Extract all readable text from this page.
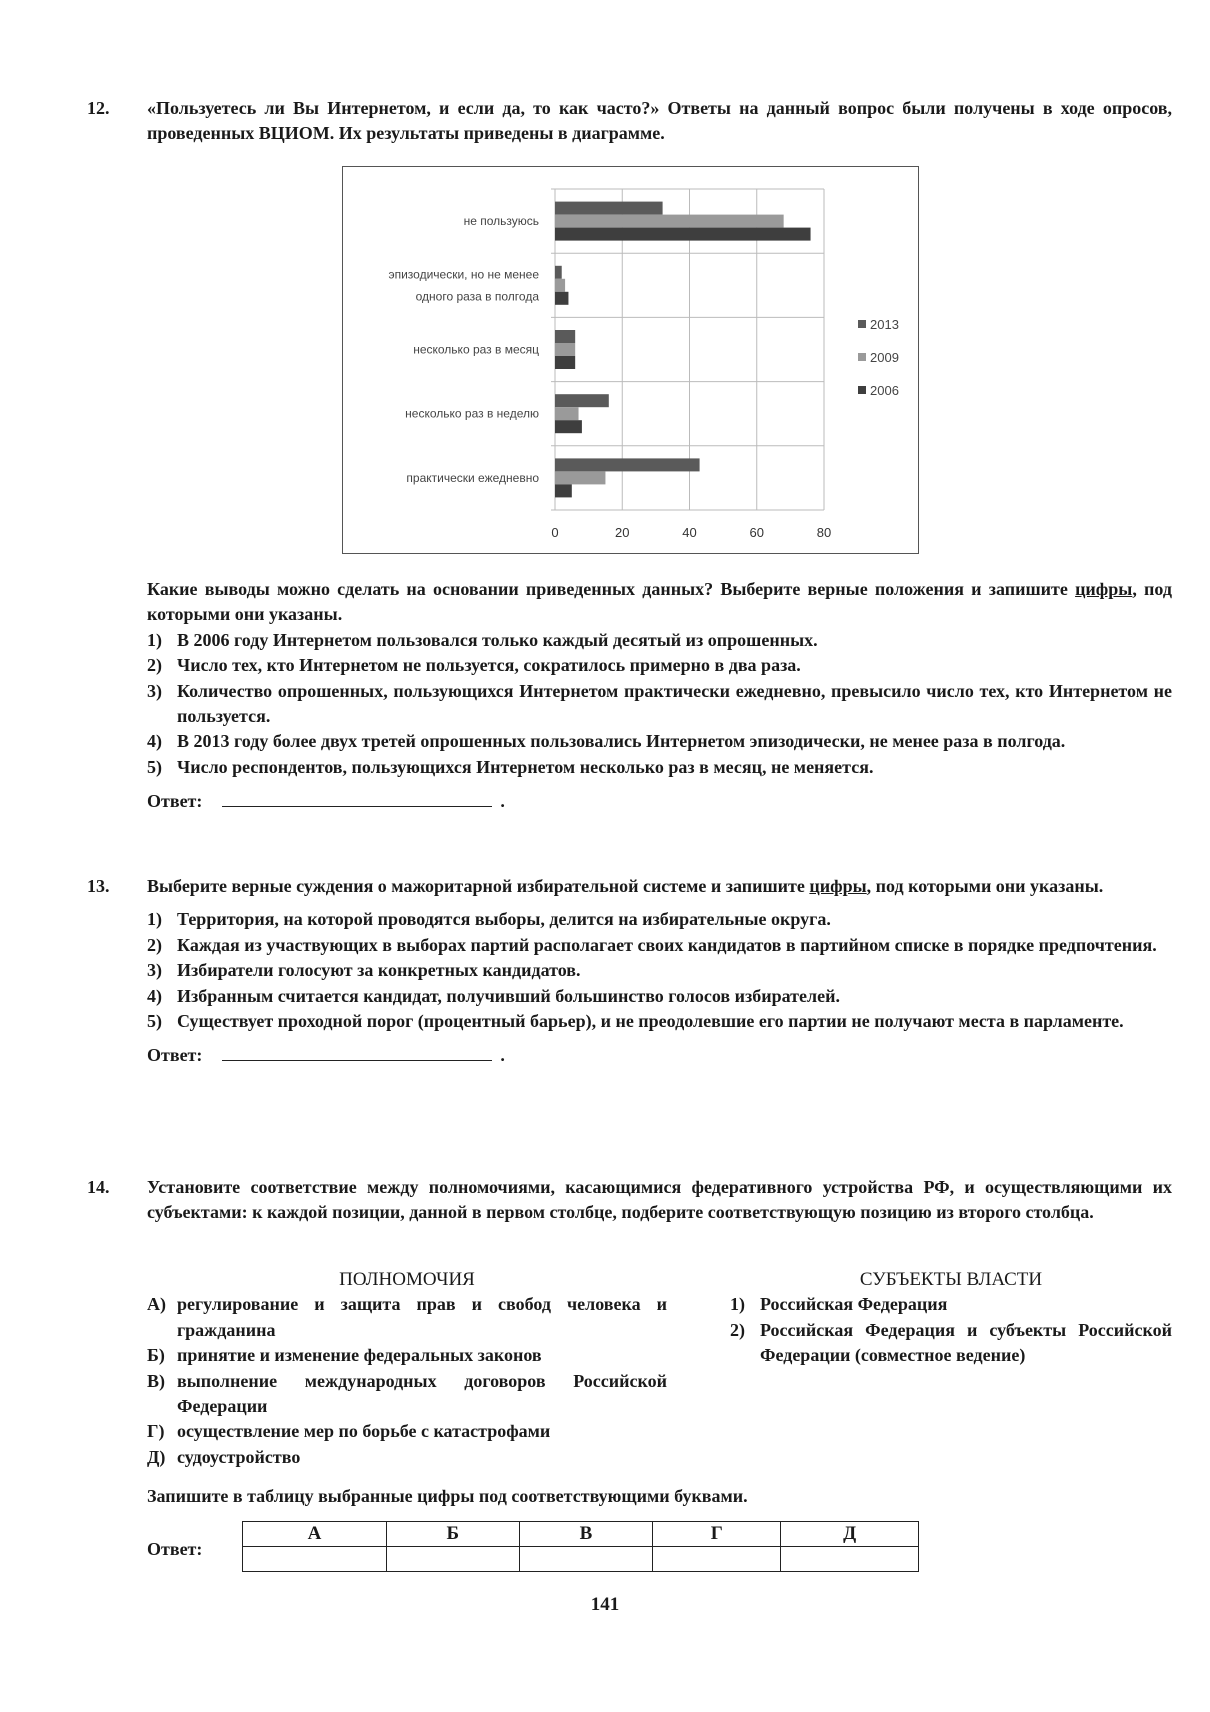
12. «Пользуетесь ли Вы Интернетом, и если да, то как часто?» Ответы на данный вопрос были получены в ходе опросов, проведенных ВЦИОМ. Их результаты приведены в диаграмме.

0	20	40	60	80
не пользуюсь
эпизодически, но не менее
одного раза в полгода
несколько раз в месяц
несколько раз в неделю
практически ежедневно
2013
2009
2006

Какие выводы можно сделать на основании приведенных данных? Выберите верные положения и запишите цифры, под которыми они указаны.

1) В 2006 году Интернетом пользовался только каждый десятый из опрошенных.
2) Число тех, кто Интернетом не пользуется, сократилось примерно в два раза.
3) Количество опрошенных, пользующихся Интернетом практически ежедневно, превысило число тех, кто Интернетом не пользуется.
4) В 2013 году более двух третей опрошенных пользовались Интернетом эпизодически, не менее раза в полгода.
5) Число респондентов, пользующихся Интернетом несколько раз в месяц, не меняется.
Ответ:	.
13. Выберите верные суждения о мажоритарной избирательной системе и запишите цифры, под которыми они указаны.

1) Территория, на которой проводятся выборы, делится на избирательные округа.
2) Каждая из участвующих в выборах партий располагает своих кандидатов в партийном списке в порядке предпочтения.
3) Избиратели голосуют за конкретных кандидатов.
4) Избранным считается кандидат, получивший большинство голосов избирателей.
5) Существует проходной порог (процентный барьер), и не преодолевшие его партии не получают места в парламенте.
Ответ:	.
14. Установите соответствие между полномочиями, касающимися федеративного устройства РФ, и осуществляющими их субъектами: к каждой позиции, данной в первом столбце, подберите соответствующую позицию из второго столбца.

ПОЛНОМОЧИЯ
А) регулирование и защита прав и свобод человека и гражданина
Б) принятие и изменение федеральных законов
В) выполнение международных договоров Российской Федерации
Г) осуществление мер по борьбе с катастрофами
Д) судоустройство
СУБЪЕКТЫ ВЛАСТИ
1) Российская Федерация
2) Российская Федерация и субъекты Российской Федерации (совместное ведение)
Запишите в таблицу выбранные цифры под соответствующими буквами.
Ответ:
А	Б	В	Г	Д

141
